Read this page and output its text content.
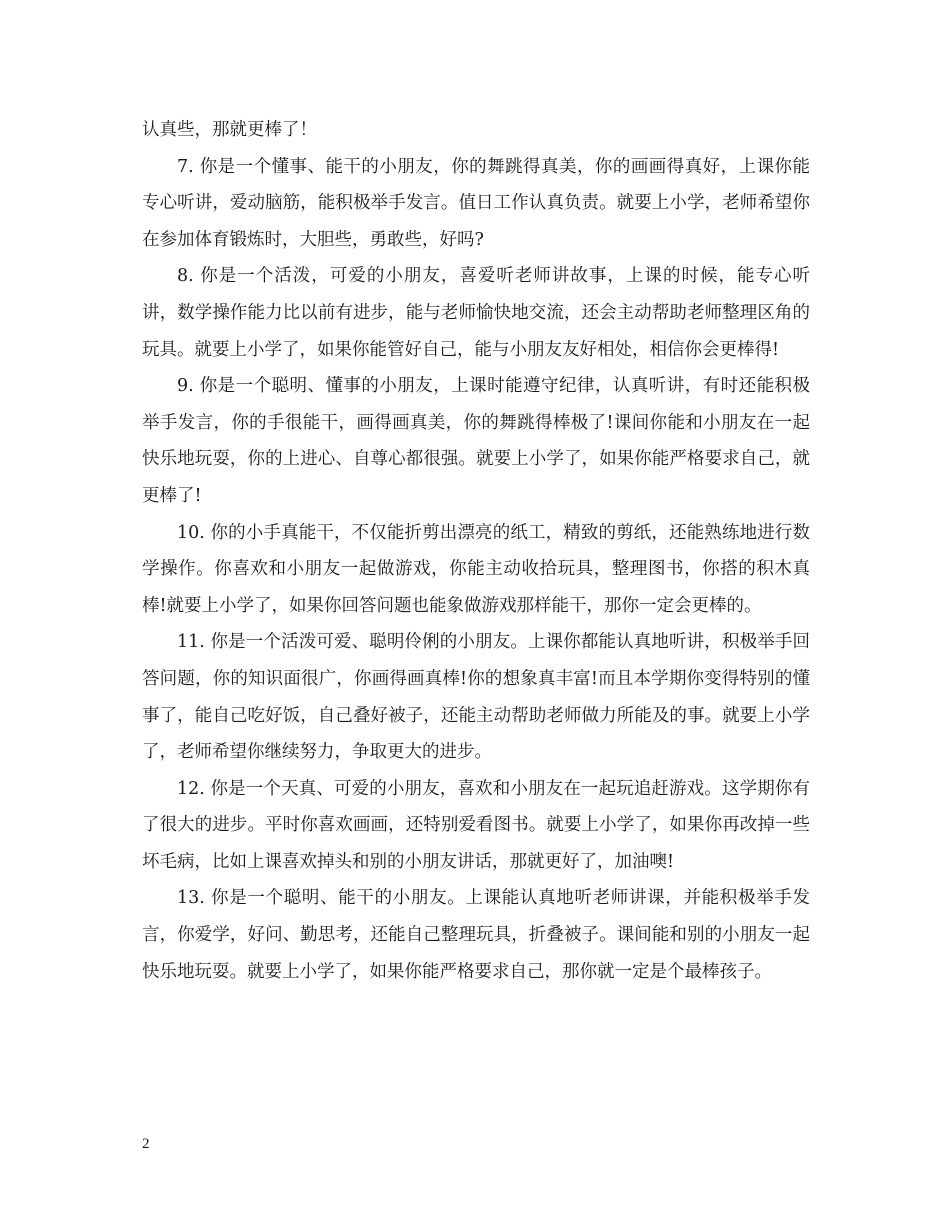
认真些，那就更棒了！

7. 你是一个懂事、能干的小朋友，你的舞跳得真美，你的画画得真好，上课你能专心听讲，爱动脑筋，能积极举手发言。值日工作认真负责。就要上小学，老师希望你在参加体育锻炼时，大胆些，勇敢些，好吗?

8. 你是一个活泼，可爱的小朋友，喜爱听老师讲故事，上课的时候，能专心听讲，数学操作能力比以前有进步，能与老师愉快地交流，还会主动帮助老师整理区角的玩具。就要上小学了，如果你能管好自己，能与小朋友友好相处，相信你会更棒得!

9. 你是一个聪明、懂事的小朋友，上课时能遵守纪律，认真听讲，有时还能积极举手发言，你的手很能干，画得画真美，你的舞跳得棒极了!课间你能和小朋友在一起快乐地玩耍，你的上进心、自尊心都很强。就要上小学了，如果你能严格要求自己，就更棒了!

10. 你的小手真能干，不仅能折剪出漂亮的纸工，精致的剪纸，还能熟练地进行数学操作。你喜欢和小朋友一起做游戏，你能主动收拾玩具，整理图书，你搭的积木真棒!就要上小学了，如果你回答问题也能象做游戏那样能干，那你一定会更棒的。

11. 你是一个活泼可爱、聪明伶俐的小朋友。上课你都能认真地听讲，积极举手回答问题，你的知识面很广，你画得画真棒!你的想象真丰富!而且本学期你变得特别的懂事了，能自己吃好饭，自己叠好被子，还能主动帮助老师做力所能及的事。就要上小学了，老师希望你继续努力，争取更大的进步。

12. 你是一个天真、可爱的小朋友，喜欢和小朋友在一起玩追赶游戏。这学期你有了很大的进步。平时你喜欢画画，还特别爱看图书。就要上小学了，如果你再改掉一些坏毛病，比如上课喜欢掉头和别的小朋友讲话，那就更好了，加油噢!

13. 你是一个聪明、能干的小朋友。上课能认真地听老师讲课，并能积极举手发言，你爱学，好问、勤思考，还能自己整理玩具，折叠被子。课间能和别的小朋友一起快乐地玩耍。就要上小学了，如果你能严格要求自己，那你就一定是个最棒孩子。

2
